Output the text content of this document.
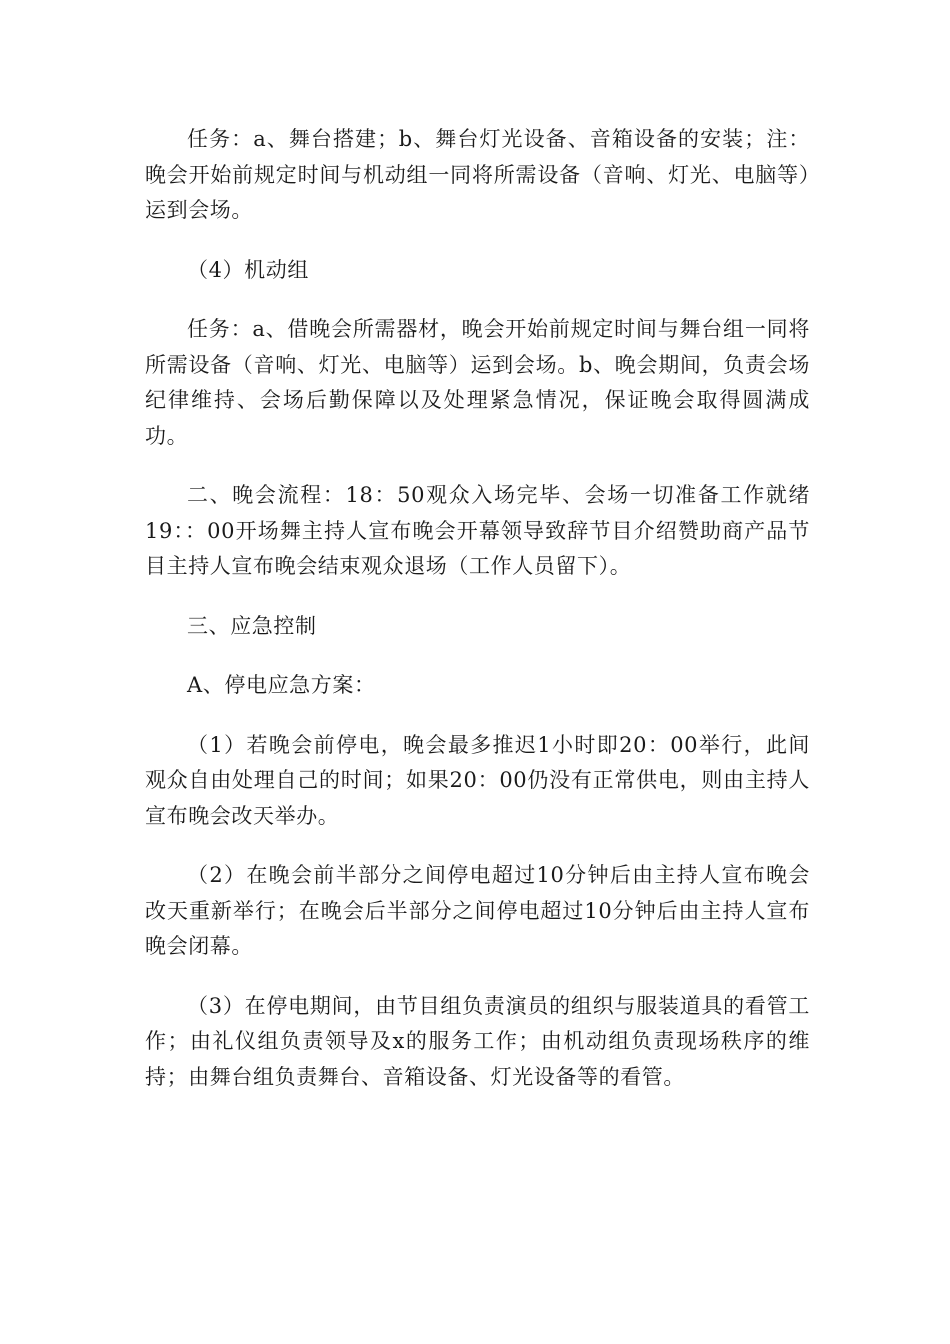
任务：a、舞台搭建；b、舞台灯光设备、音箱设备的安装；注：晚会开始前规定时间与机动组一同将所需设备（音响、灯光、电脑等）运到会场。

（4）机动组

任务：a、借晚会所需器材，晚会开始前规定时间与舞台组一同将所需设备（音响、灯光、电脑等）运到会场。b、晚会期间，负责会场纪律维持、会场后勤保障以及处理紧急情况，保证晚会取得圆满成功。

二、晚会流程：18：50观众入场完毕、会场一切准备工作就绪19：：00开场舞主持人宣布晚会开幕领导致辞节目介绍赞助商产品节目主持人宣布晚会结束观众退场（工作人员留下）。

三、应急控制

A、停电应急方案：

（1）若晚会前停电，晚会最多推迟1小时即20：00举行，此间观众自由处理自己的时间；如果20：00仍没有正常供电，则由主持人宣布晚会改天举办。

（2）在晚会前半部分之间停电超过10分钟后由主持人宣布晚会改天重新举行；在晚会后半部分之间停电超过10分钟后由主持人宣布晚会闭幕。

（3）在停电期间，由节目组负责演员的组织与服装道具的看管工作；由礼仪组负责领导及x的服务工作；由机动组负责现场秩序的维持；由舞台组负责舞台、音箱设备、灯光设备等的看管。
